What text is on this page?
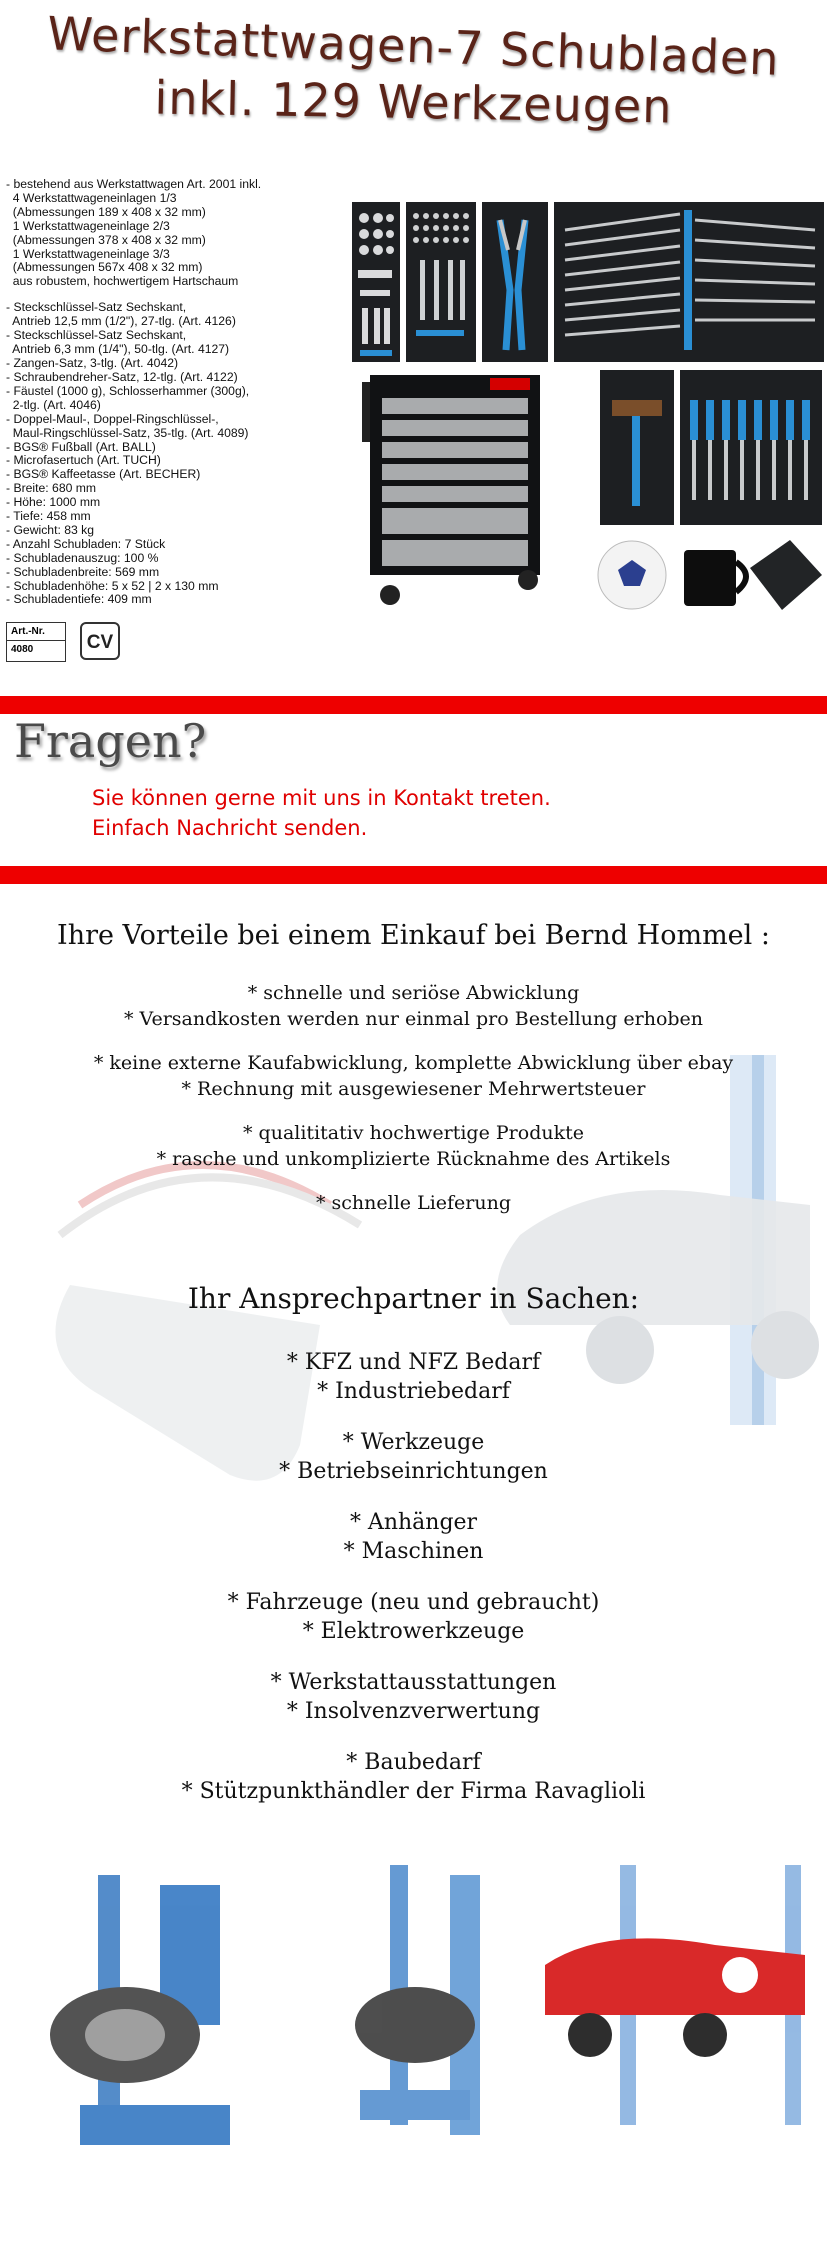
Werkstattwagen-7 Schubladen
inkl. 129 Werkzeugen
- bestehend aus Werkstattwagen Art. 2001 inkl.
4 Werkstattwageneinlagen 1/3
(Abmessungen 189 x 408 x 32 mm)
1 Werkstattwageneinlage 2/3
(Abmessungen 378 x 408 x 32 mm)
1 Werkstattwageneinlage 3/3
(Abmessungen 567x 408 x 32 mm)
aus robustem, hochwertigem Hartschaum
- Steckschlüssel-Satz Sechskant,
Antrieb 12,5 mm (1/2"), 27-tlg. (Art. 4126)
- Steckschlüssel-Satz Sechskant,
Antrieb 6,3 mm (1/4"), 50-tlg. (Art. 4127)
- Zangen-Satz, 3-tlg. (Art. 4042)
- Schraubendreher-Satz, 12-tlg. (Art. 4122)
- Fäustel (1000 g), Schlosserhammer (300g),
2-tlg. (Art. 4046)
- Doppel-Maul-, Doppel-Ringschlüssel-,
Maul-Ringschlüssel-Satz, 35-tlg. (Art. 4089)
- BGS® Fußball (Art. BALL)
- Microfasertuch (Art. TUCH)
- BGS® Kaffeetasse (Art. BECHER)
- Breite: 680 mm
- Höhe: 1000 mm
- Tiefe: 458 mm
- Gewicht: 83 kg
- Anzahl Schubladen: 7 Stück
- Schubladenauszug: 100 %
- Schubladenbreite: 569 mm
- Schubladenhöhe: 5 x 52 | 2 x 130 mm
- Schubladentiefe: 409 mm
Art.-Nr.
4080	CV
Fragen?
Sie können gerne mit uns in Kontakt treten.
Einfach Nachricht senden.
Ihre Vorteile bei einem Einkauf bei Bernd Hommel :
* schnelle und seriöse Abwicklung
* Versandkosten werden nur einmal pro Bestellung erhoben
* keine externe Kaufabwicklung, komplette Abwicklung über ebay
* Rechnung mit ausgewiesener Mehrwertsteuer
* qualititativ hochwertige Produkte
* rasche und unkomplizierte Rücknahme des Artikels
* schnelle Lieferung
Ihr Ansprechpartner in Sachen:
* KFZ und NFZ Bedarf
* Industriebedarf
* Werkzeuge
* Betriebseinrichtungen
* Anhänger
* Maschinen
* Fahrzeuge (neu und gebraucht)
* Elektrowerkzeuge
* Werkstattausstattungen
* Insolvenzverwertung
* Baubedarf
* Stützpunkthändler der Firma Ravaglioli
